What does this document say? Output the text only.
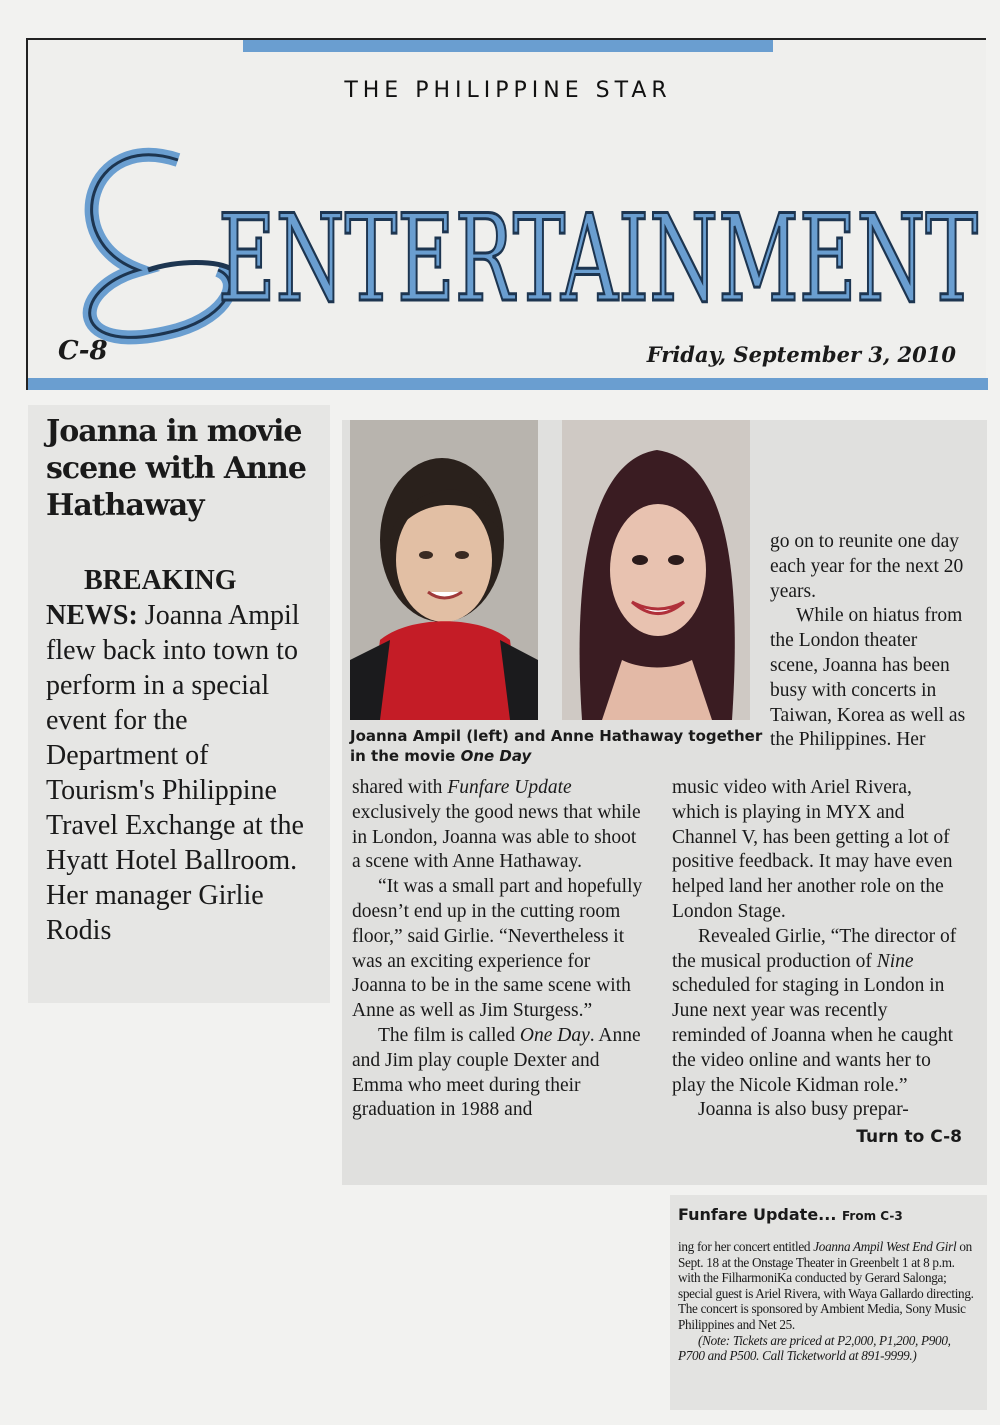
THE PHILIPPINE STAR
ENTERTAINMENT
C-8	Friday, September 3, 2010
Joanna in movie scene with Anne Hathaway

BREAKING NEWS: Joanna Ampil flew back into town to perform in a special event for the Department of Tourism's Philippine Travel Exchange at the Hyatt Hotel Ballroom. Her manager Girlie Rodis

Joanna Ampil (left) and Anne Hathaway together in the movie One Day

go on to reunite one day each year for the next 20 years.

While on hiatus from the London theater scene, Joanna has been busy with concerts in Taiwan, Korea as well as the Philippines. Her

shared with Funfare Update exclusively the good news that while in London, Joanna was able to shoot a scene with Anne Hathaway.

“It was a small part and hopefully doesn’t end up in the cutting room floor,” said Girlie. “Nevertheless it was an exciting experience for Joanna to be in the same scene with Anne as well as Jim Sturgess.”

The film is called One Day. Anne and Jim play couple Dexter and Emma who meet during their graduation in 1988 and

music video with Ariel Rivera, which is playing in MYX and Channel V, has been getting a lot of positive feedback. It may have even helped land her another role on the London Stage.

Revealed Girlie, “The director of the musical production of Nine scheduled for staging in London in June next year was recently reminded of Joanna when he caught the video online and wants her to play the Nicole Kidman role.”

Joanna is also busy prepar-

Turn to C-8
Funfare Update... From C-3

ing for her concert entitled Joanna Ampil West End Girl on Sept. 18 at the Onstage Theater in Greenbelt 1 at 8 p.m. with the FilharmoniKa conducted by Gerard Salonga; special guest is Ariel Rivera, with Waya Gallardo directing. The concert is sponsored by Ambient Media, Sony Music Philippines and Net 25.

(Note: Tickets are priced at P2,000, P1,200, P900, P700 and P500. Call Ticketworld at 891-9999.)
